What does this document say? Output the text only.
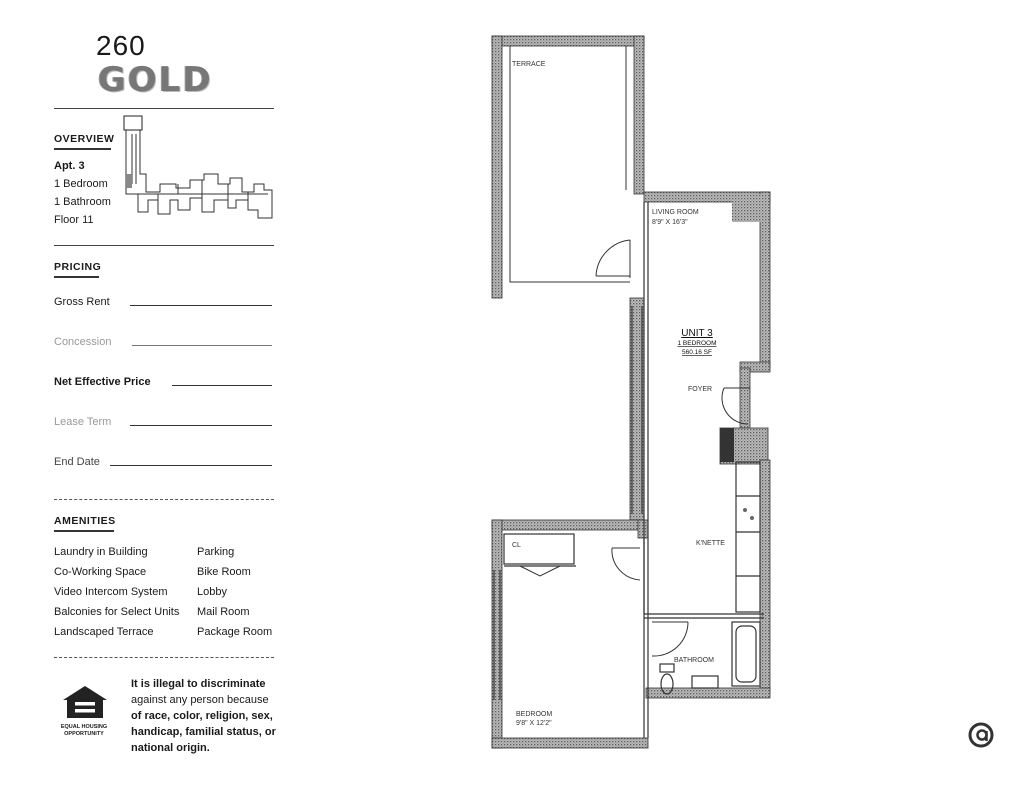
260
GOLD
OVERVIEW
Apt. 3
1 Bedroom
1 Bathroom
Floor 11
PRICING
Gross Rent
Concession
Net Effective Price
Lease Term
End Date
AMENITIES
Laundry in Building
Co-Working Space
Video Intercom System
Balconies for Select Units
Landscaped Terrace
Parking
Bike Room
Lobby
Mail Room
Package Room
EQUAL HOUSING
OPPORTUNITY
It is illegal to discriminate
against any person because
of race, color, religion, sex,
handicap, familial status, or
national origin.
TERRACE
LIVING ROOM
8'9" X 16'3"
UNIT 3
1 BEDROOM
560.16 SF
FOYER
K'NETTE
CL
BATHROOM
BEDROOM
9'8" X 12'2"
